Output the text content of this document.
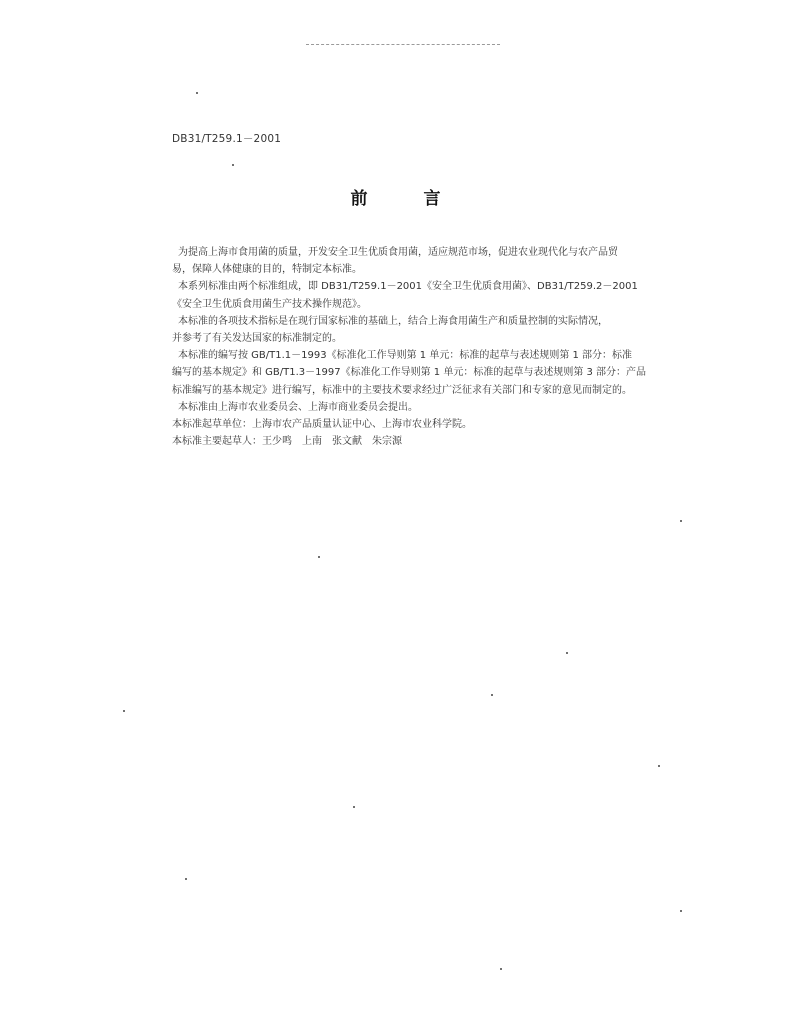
DB31/T259.1－2001
前	言
为提高上海市食用菌的质量，开发安全卫生优质食用菌，适应规范市场，促进农业现代化与农产品贸
易，保障人体健康的目的，特制定本标准。
本系列标准由两个标准组成，即 DB31/T259.1－2001《安全卫生优质食用菌》、DB31/T259.2－2001
《安全卫生优质食用菌生产技术操作规范》。
本标准的各项技术指标是在现行国家标准的基础上，结合上海食用菌生产和质量控制的实际情况，
并参考了有关发达国家的标准制定的。
本标准的编写按 GB/T1.1－1993《标准化工作导则第 1 单元：标准的起草与表述规则第 1 部分：标准
编写的基本规定》和 GB/T1.3－1997《标准化工作导则第 1 单元：标准的起草与表述规则第 3 部分：产品
标准编写的基本规定》进行编写，标准中的主要技术要求经过广泛征求有关部门和专家的意见而制定的。
本标准由上海市农业委员会、上海市商业委员会提出。
本标准起草单位：上海市农产品质量认证中心、上海市农业科学院。
本标准主要起草人：王少鸣　上南　张文献　朱宗源
